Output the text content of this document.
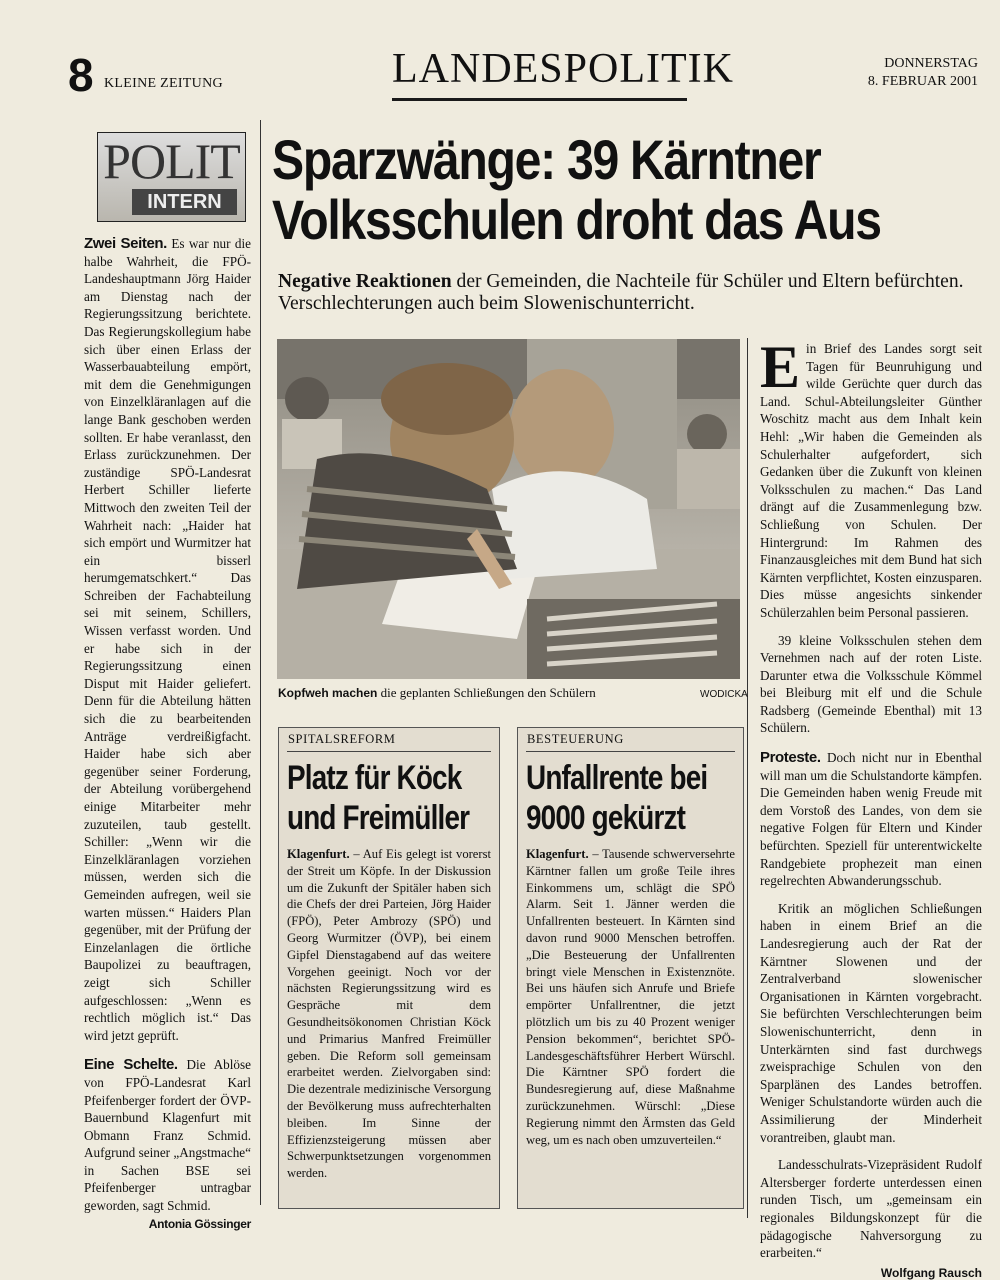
8 KLEINE ZEITUNG	LANDESPOLITIK	DONNERSTAG
8. FEBRUAR 2001
POLIT
INTERN

Zwei Seiten. Es war nur die halbe Wahrheit, die FPÖ-Landeshauptmann Jörg Haider am Dienstag nach der Regierungssitzung berichtete. Das Regierungskollegium habe sich über einen Erlass der Wasserbauabteilung empört, mit dem die Genehmigungen von Einzelkläranlagen auf die lange Bank geschoben werden sollten. Er habe veranlasst, den Erlass zurückzunehmen. Der zuständige SPÖ-Landesrat Herbert Schiller lieferte Mittwoch den zweiten Teil der Wahrheit nach: „Haider hat sich empört und Wurmitzer hat ein bisserl herumgematschkert.“ Das Schreiben der Fachabteilung sei mit seinem, Schillers, Wissen verfasst worden. Und er habe sich in der Regierungssitzung einen Disput mit Haider geliefert. Denn für die Abteilung hätten sich die zu bearbeitenden Anträge verdreißigfacht. Haider habe sich aber gegenüber seiner Forderung, der Abteilung vorübergehend einige Mitarbeiter mehr zuzuteilen, taub gestellt. Schiller: „Wenn wir die Einzelkläranlagen vorziehen müssen, werden sich die Gemeinden aufregen, weil sie warten müssen.“ Haiders Plan gegenüber, mit der Prüfung der Einzelanlagen die örtliche Baupolizei zu beauftragen, zeigt sich Schiller aufgeschlossen: „Wenn es rechtlich möglich ist.“ Das wird jetzt geprüft.

Eine Schelte. Die Ablöse von FPÖ-Landesrat Karl Pfeifenberger fordert der ÖVP-Bauernbund Klagenfurt mit Obmann Franz Schmid. Aufgrund seiner „Angstmache“ in Sachen BSE sei Pfeifenberger untragbar geworden, sagt Schmid.
Antonia Gössinger

Sparzwänge: 39 Kärntner Volksschulen droht das Aus
Negative Reaktionen der Gemeinden, die Nachteile für Schüler und Eltern befürchten. Verschlechterungen auch beim Slowenischunterricht.
Kopfweh machen die geplanten Schließungen den Schülern	WODICKA
SPITALSREFORM
Platz für Köck und Freimüller
Klagenfurt. – Auf Eis gelegt ist vorerst der Streit um Köpfe. In der Diskussion um die Zukunft der Spitäler haben sich die Chefs der drei Parteien, Jörg Haider (FPÖ), Peter Ambrozy (SPÖ) und Georg Wurmitzer (ÖVP), bei einem Gipfel Dienstagabend auf das weitere Vorgehen geeinigt. Noch vor der nächsten Regierungssitzung wird es Gespräche mit dem Gesundheitsökonomen Christian Köck und Primarius Manfred Freimüller geben. Die Reform soll gemeinsam erarbeitet werden. Zielvorgaben sind: Die dezentrale medizinische Versorgung der Bevölkerung muss aufrechterhalten bleiben. Im Sinne der Effizienzsteigerung müssen aber Schwerpunktsetzungen vorgenommen werden.
BESTEUERUNG
Unfallrente bei 9000 gekürzt
Klagenfurt. – Tausende schwerversehrte Kärntner fallen um große Teile ihres Einkommens um, schlägt die SPÖ Alarm. Seit 1. Jänner werden die Unfallrenten besteuert. In Kärnten sind davon rund 9000 Menschen betroffen. „Die Besteuerung der Unfallrenten bringt viele Menschen in Existenznöte. Bei uns häufen sich Anrufe und Briefe empörter Unfallrentner, die jetzt plötzlich um bis zu 40 Prozent weniger Pension bekommen“, berichtet SPÖ-Landesgeschäftsführer Herbert Würschl. Die Kärntner SPÖ fordert die Bundesregierung auf, diese Maßnahme zurückzunehmen. Würschl: „Diese Regierung nimmt den Ärmsten das Geld weg, um es nach oben umzuverteilen.“

E in Brief des Landes sorgt seit Tagen für Beunruhigung und wilde Gerüchte quer durch das Land. Schul-Abteilungsleiter Günther Woschitz macht aus dem Inhalt kein Hehl: „Wir haben die Gemeinden als Schulerhalter aufgefordert, sich Gedanken über die Zukunft von kleinen Volksschulen zu machen.“ Das Land drängt auf die Zusammenlegung bzw. Schließung von Schulen. Der Hintergrund: Im Rahmen des Finanzausgleiches mit dem Bund hat sich Kärnten verpflichtet, Kosten einzusparen. Dies müsse angesichts sinkender Schülerzahlen beim Personal passieren.

39 kleine Volksschulen stehen dem Vernehmen nach auf der roten Liste. Darunter etwa die Volksschule Kömmel bei Bleiburg mit elf und die Schule Radsberg (Gemeinde Ebenthal) mit 13 Schülern.

Proteste. Doch nicht nur in Ebenthal will man um die Schulstandorte kämpfen. Die Gemeinden haben wenig Freude mit dem Vorstoß des Landes, von dem sie negative Folgen für Eltern und Kinder befürchten. Speziell für unterentwickelte Randgebiete prophezeit man einen regelrechten Abwanderungsschub.

Kritik an möglichen Schließungen haben in einem Brief an die Landesregierung auch der Rat der Kärntner Slowenen und der Zentralverband slowenischer Organisationen in Kärnten vorgebracht. Sie befürchten Verschlechterungen beim Slowenischunterricht, denn in Unterkärnten sind fast durchwegs zweisprachige Schulen von den Sparplänen des Landes betroffen. Weniger Schulstandorte würden auch die Assimilierung der Minderheit vorantreiben, glaubt man.

Landesschulrats-Vizepräsident Rudolf Altersberger forderte unterdessen einen runden Tisch, um „gemeinsam ein regionales Bildungskonzept für die pädagogische Nahversorgung zu erarbeiten.“

Wolfgang Rausch
